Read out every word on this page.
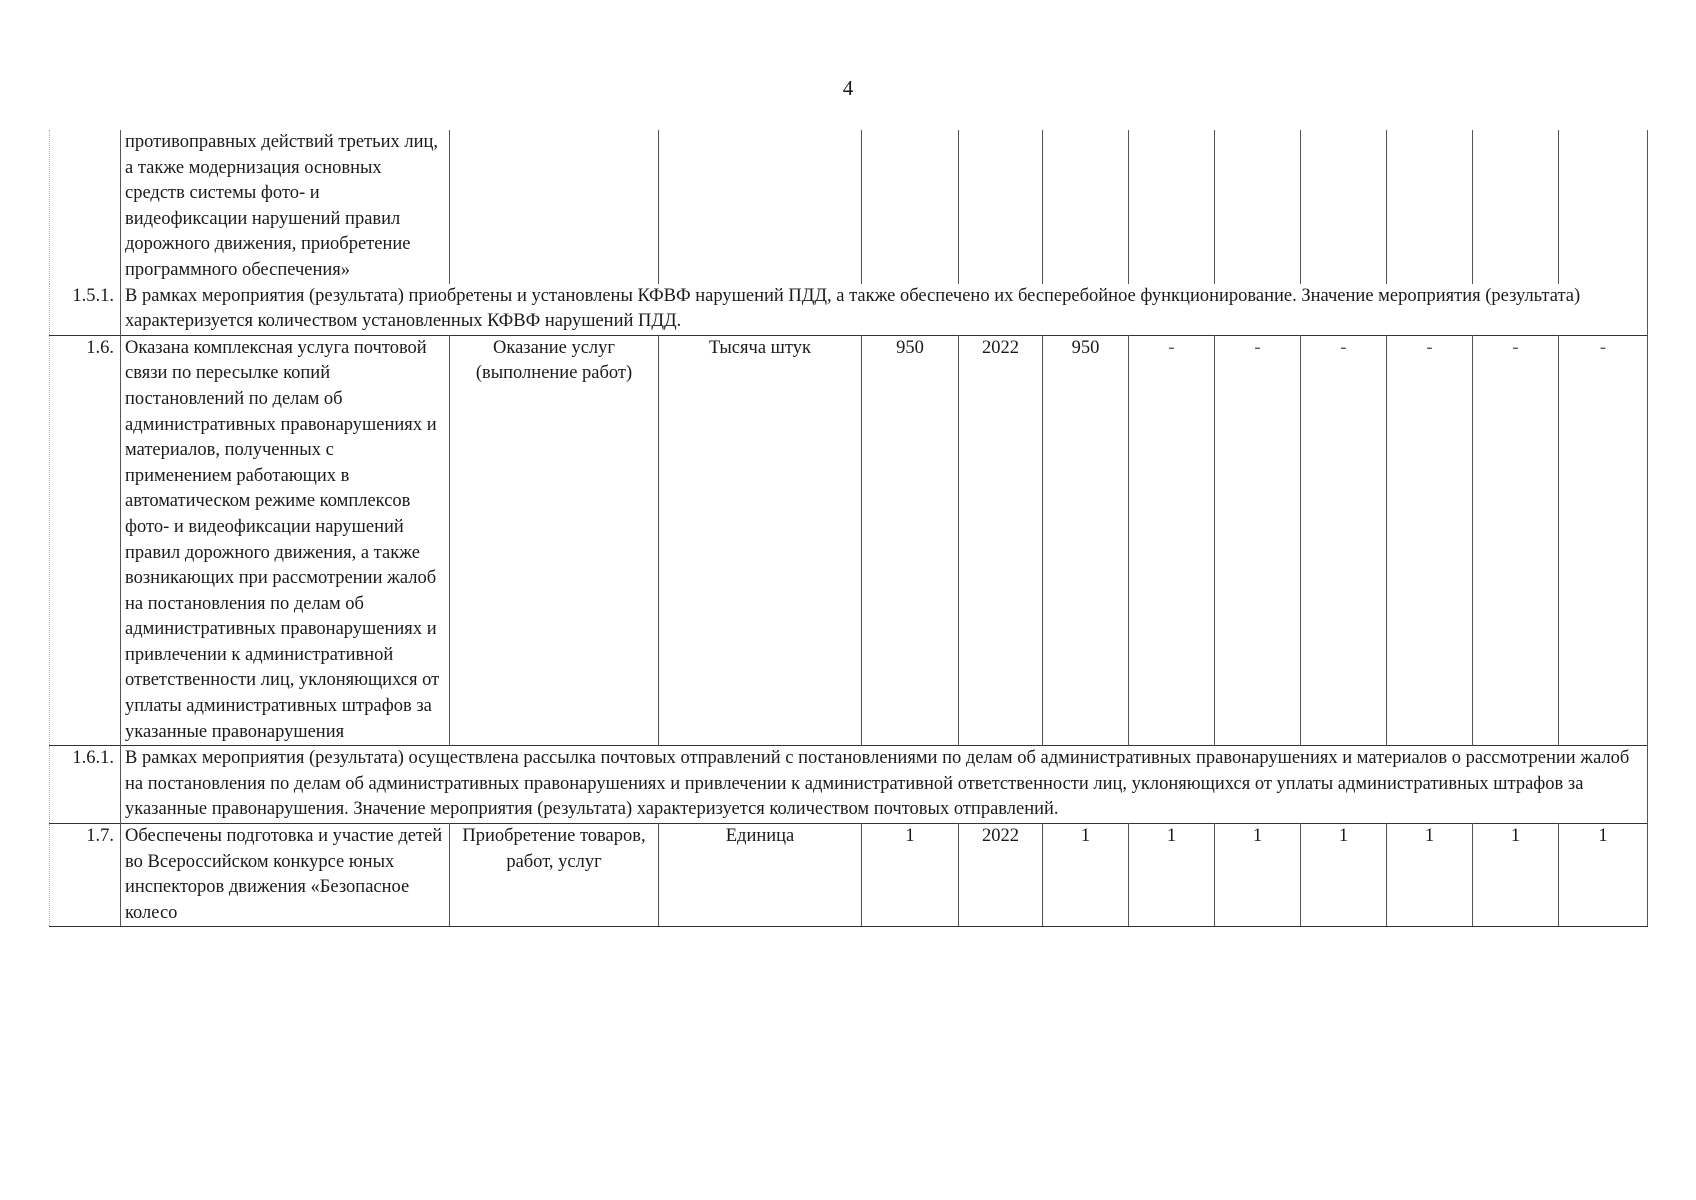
4
	противоправных действий третьих лиц, а также модернизация основных средств системы фото- и видеофиксации нарушений правил дорожного движения, приобретение программного обеспечения»											
1.5.1.	В рамках мероприятия (результата) приобретены и установлены КФВФ нарушений ПДД, а также обеспечено их бесперебойное функционирование. Значение мероприятия (результата) характеризуется количеством установленных КФВФ нарушений ПДД.											
1.6.	Оказана комплексная услуга почтовой связи по пересылке копий постановлений по делам об административных правонарушениях и материалов, полученных с применением работающих в автоматическом режиме комплексов фото- и видеофиксации нарушений правил дорожного движения, а также возникающих при рассмотрении жалоб на постановления по делам об административных правонарушениях и привлечении к административной ответственности лиц, уклоняющихся от уплаты административных штрафов за указанные правонарушения	Оказание услуг (выполнение работ)	Тысяча штук	950	2022	950	-	-	-	-	-	-
1.6.1.	В рамках мероприятия (результата) осуществлена рассылка почтовых отправлений с постановлениями по делам об административных правонарушениях и материалов о рассмотрении жалоб на постановления по делам об административных правонарушениях и привлечении к административной ответственности лиц, уклоняющихся от уплаты административных штрафов за указанные правонарушения. Значение мероприятия (результата) характеризуется количеством почтовых отправлений.											
1.7.	Обеспечены подготовка и участие детей во Всероссийском конкурсе юных инспекторов движения «Безопасное колесо	Приобретение товаров, работ, услуг	Единица	1	2022	1	1	1	1	1	1	1
